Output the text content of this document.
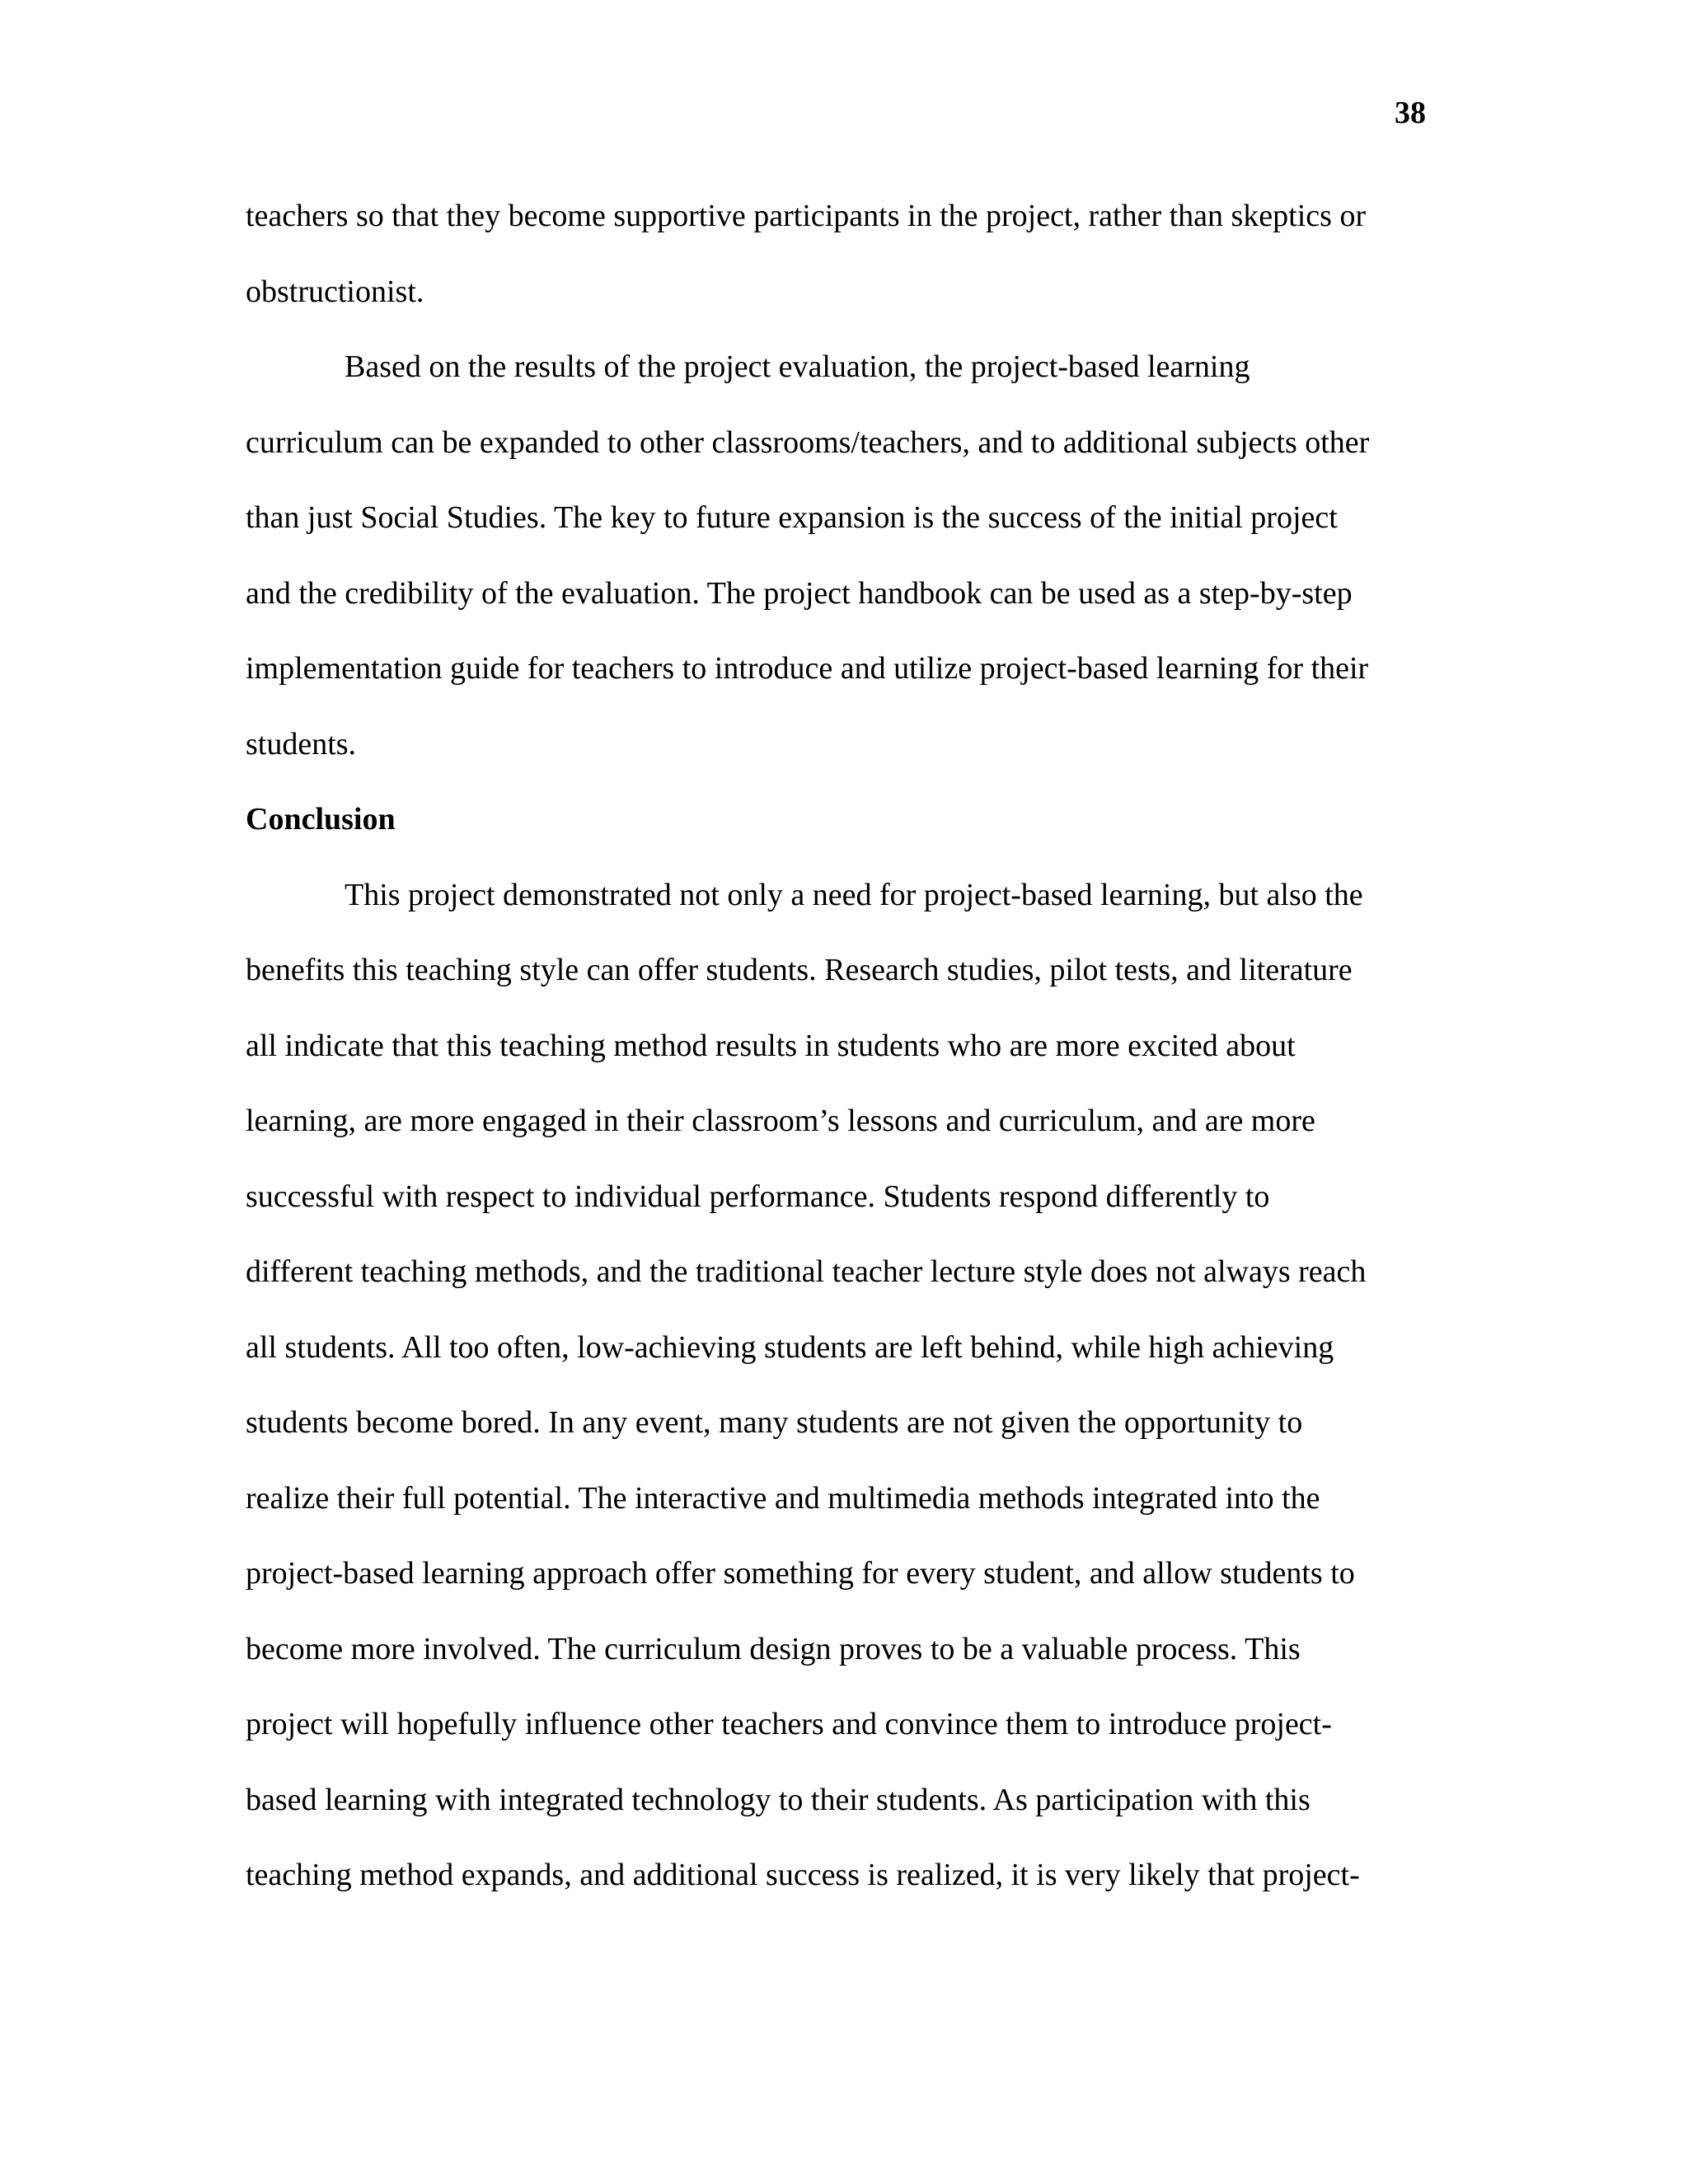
38
teachers so that they become supportive participants in the project, rather than skeptics or
obstructionist.
Based on the results of the project evaluation, the project-based learning
curriculum can be expanded to other classrooms/teachers, and to additional subjects other
than just Social Studies. The key to future expansion is the success of the initial project
and the credibility of the evaluation. The project handbook can be used as a step-by-step
implementation guide for teachers to introduce and utilize project-based learning for their
students.
Conclusion
This project demonstrated not only a need for project-based learning, but also the
benefits this teaching style can offer students. Research studies, pilot tests, and literature
all indicate that this teaching method results in students who are more excited about
learning, are more engaged in their classroom’s lessons and curriculum, and are more
successful with respect to individual performance. Students respond differently to
different teaching methods, and the traditional teacher lecture style does not always reach
all students. All too often, low-achieving students are left behind, while high achieving
students become bored. In any event, many students are not given the opportunity to
realize their full potential. The interactive and multimedia methods integrated into the
project-based learning approach offer something for every student, and allow students to
become more involved. The curriculum design proves to be a valuable process. This
project will hopefully influence other teachers and convince them to introduce project-
based learning with integrated technology to their students. As participation with this
teaching method expands, and additional success is realized, it is very likely that project-
